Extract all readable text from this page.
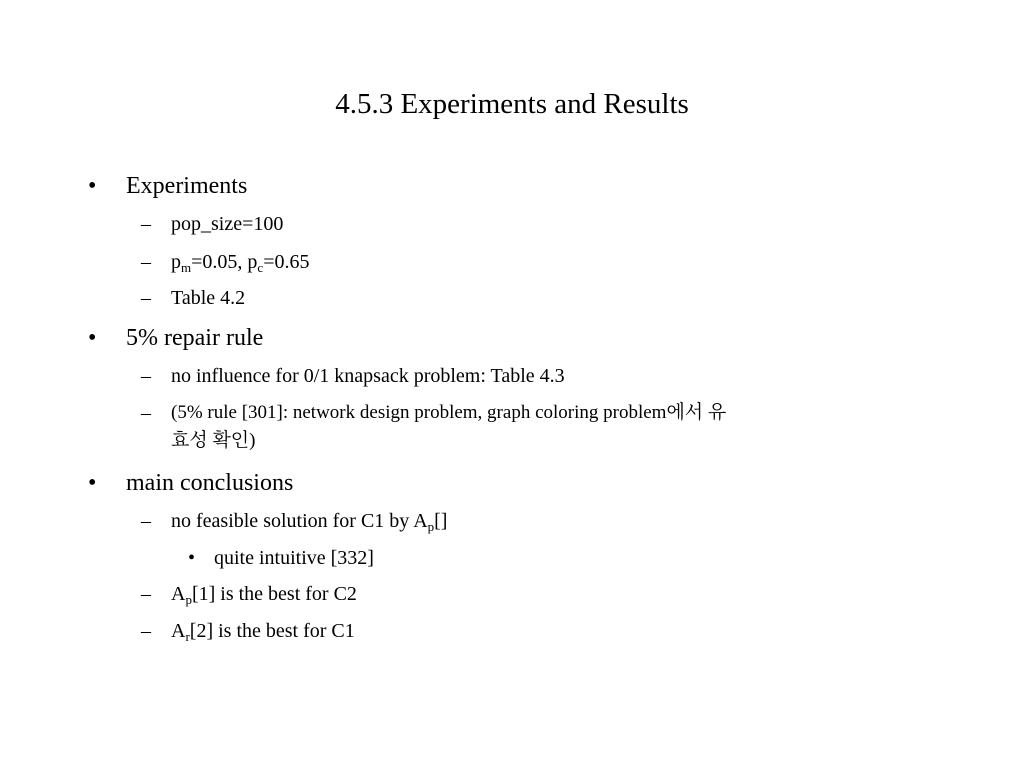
4.5.3 Experiments and Results
• Experiments
– pop_size=100
– $p_m=0.05$, $p_c=0.65$
– Table 4.2
• 5% repair rule
– no influence for 0/1 knapsack problem: Table 4.3
– (5% rule [301]: network design problem, graph coloring problem에서 유
효성 확인)
• main conclusions
– no feasible solution for C1 by $A_p[]$
• quite intuitive [332]
– $A_p[1]$ is the best for C2
– $A_r[2]$ is the best for C1
